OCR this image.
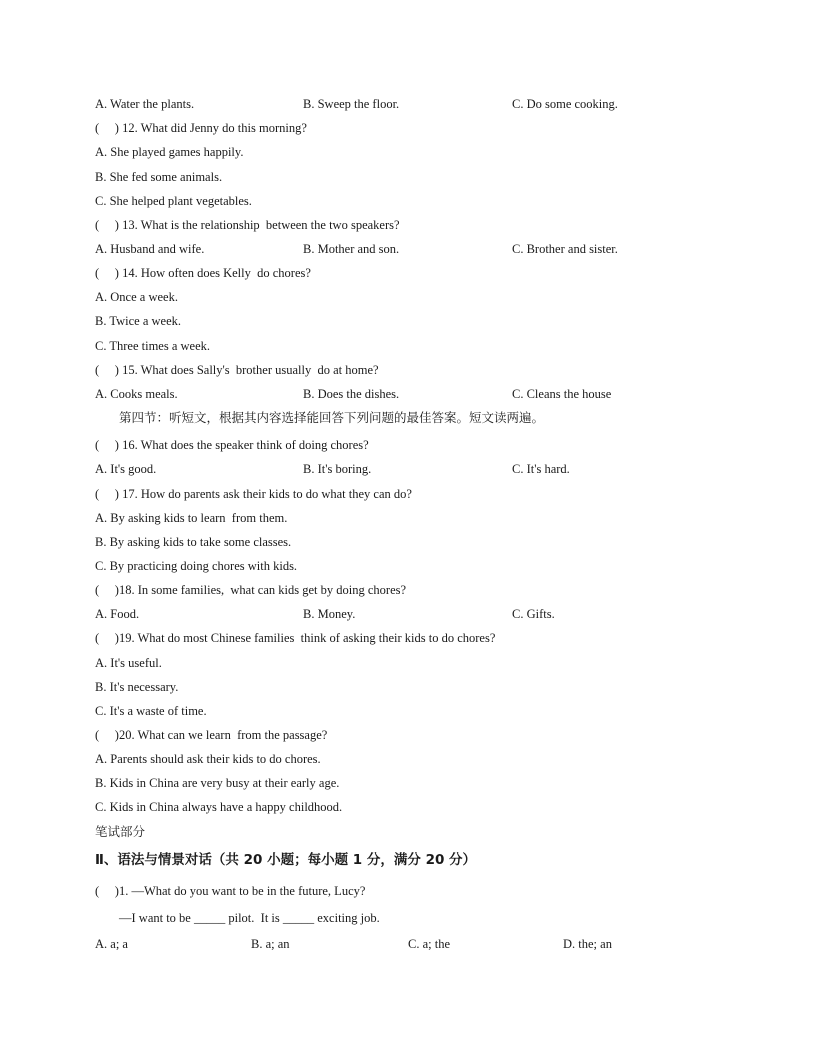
A. Water the plants.	B. Sweep the floor.	C. Do some cooking.
(     ) 12. What did Jenny do this morning?
A. She played games happily.
B. She fed some animals.
C. She helped plant vegetables.
(     ) 13. What is the relationship  between the two speakers?
A. Husband and wife.	B. Mother and son.	C. Brother and sister.
(     ) 14. How often does Kelly  do chores?
A. Once a week.
B. Twice a week.
C. Three times a week.
(     ) 15. What does Sally's  brother usually  do at home?
A. Cooks meals.	B. Does the dishes.	C. Cleans the house
第四节：听短文，根据其内容选择能回答下列问题的最佳答案。短文读两遍。
(     ) 16. What does the speaker think of doing chores?
A. It's good.	B. It's boring.	C. It's hard.
(     ) 17. How do parents ask their kids to do what they can do?
A. By asking kids to learn  from them.
B. By asking kids to take some classes.
C. By practicing doing chores with kids.
(     )18. In some families,  what can kids get by doing chores?
A. Food.	B. Money.	C. Gifts.
(     )19. What do most Chinese families  think of asking their kids to do chores?
A. It's useful.
B. It's necessary.
C. It's a waste of time.
(     )20. What can we learn  from the passage?
A. Parents should ask their kids to do chores.
B. Kids in China are very busy at their early age.
C. Kids in China always have a happy childhood.
笔试部分
Ⅱ、语法与情景对话（共 20 小题；每小题 1 分，满分 20 分）
(     )1. —What do you want to be in the future, Lucy?
—I want to be _____ pilot.  It is _____ exciting job.
A. a; a	B. a; an	C. a; the	D. the; an
